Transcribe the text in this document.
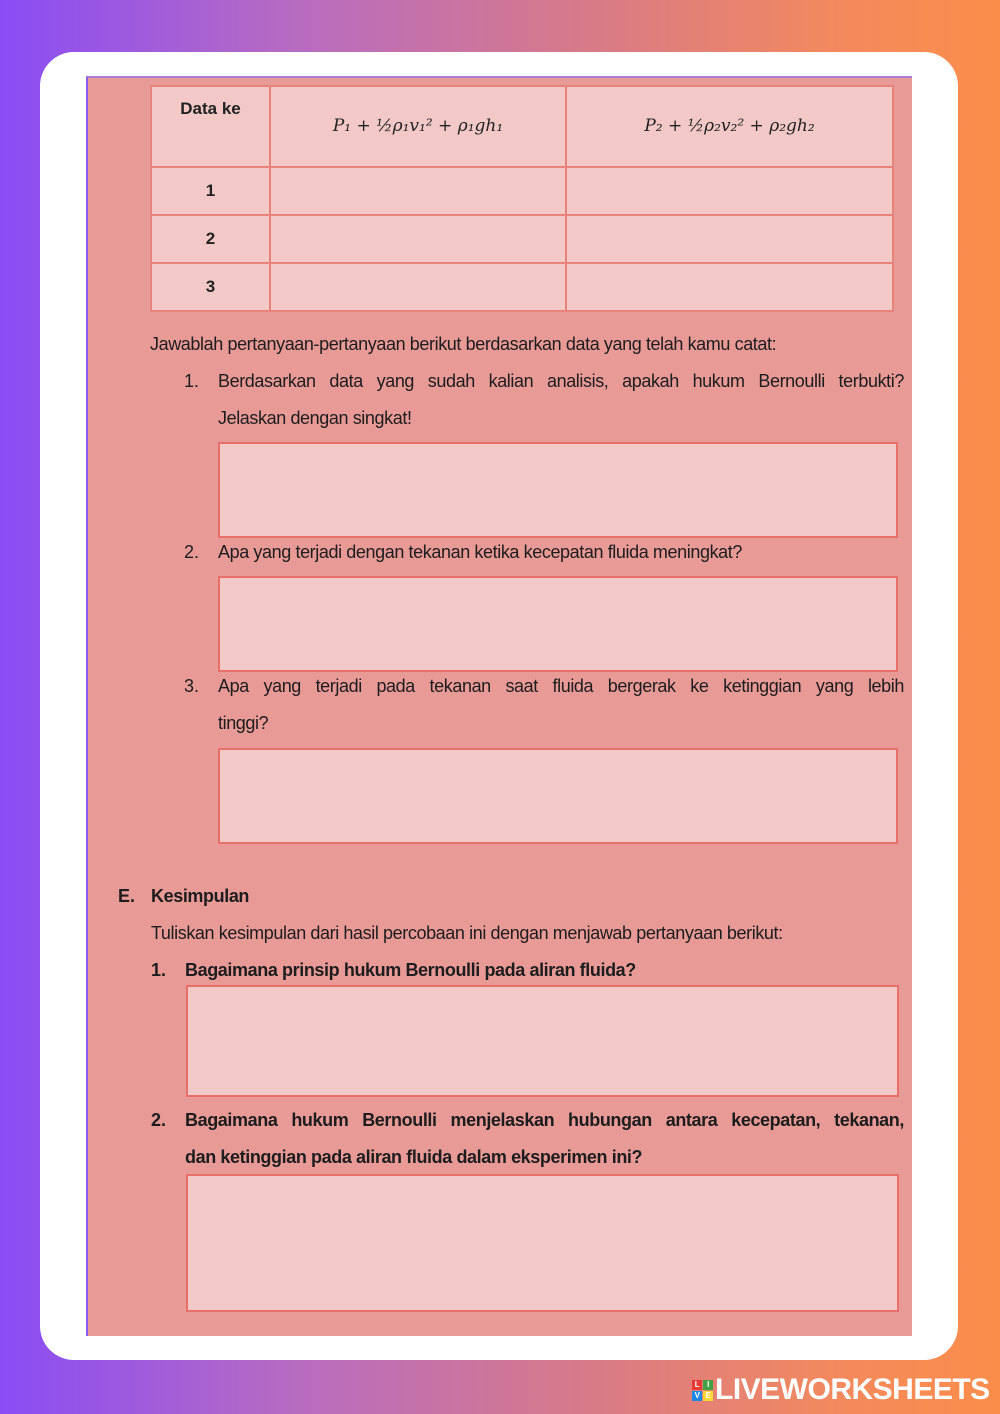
Data ke	P₁ + ½ρ₁v₁² + ρ₁gh₁	P₂ + ½ρ₂v₂² + ρ₂gh₂
1		
2		
3		
Jawablah pertanyaan-pertanyaan berikut berdasarkan data yang telah kamu catat:
1. Berdasarkan data yang sudah kalian analisis, apakah hukum Bernoulli terbukti?
Jelaskan dengan singkat!
2. Apa yang terjadi dengan tekanan ketika kecepatan fluida meningkat?
3. Apa yang terjadi pada tekanan saat fluida bergerak ke ketinggian yang lebih
tinggi?
E. Kesimpulan
Tuliskan kesimpulan dari hasil percobaan ini dengan menjawab pertanyaan berikut:
1. Bagaimana prinsip hukum Bernoulli pada aliran fluida?
2. Bagaimana hukum Bernoulli menjelaskan hubungan antara kecepatan, tekanan,
dan ketinggian pada aliran fluida dalam eksperimen ini?
L I
V E LIVEWORKSHEETS
